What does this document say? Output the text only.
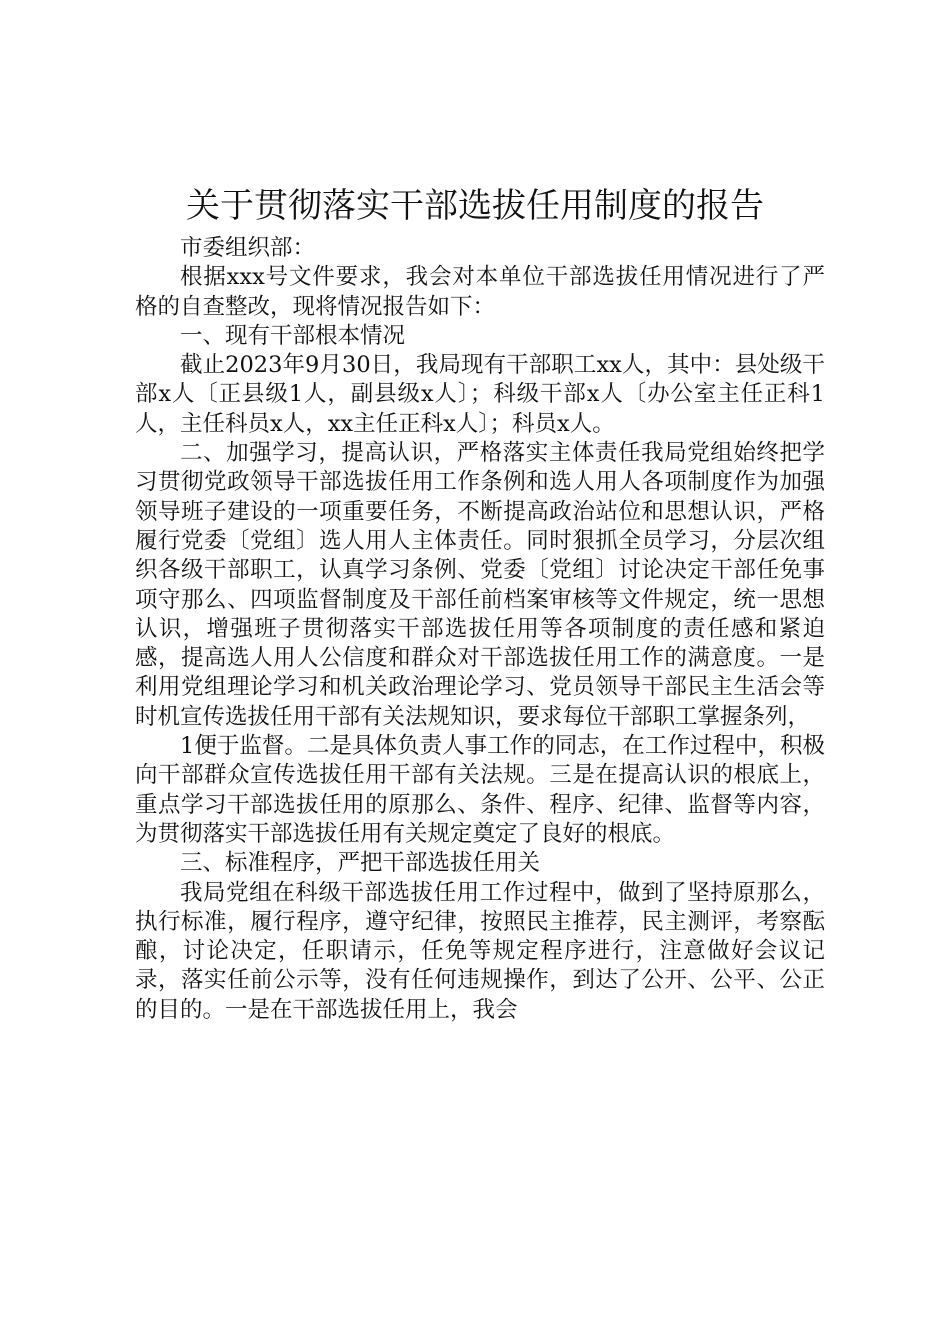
关于贯彻落实干部选拔任用制度的报告

市委组织部：

根据xxx号文件要求，我会对本单位干部选拔任用情况进行了严格的自查整改，现将情况报告如下：

一、现有干部根本情况

截止2023年9月30日，我局现有干部职工xx人，其中：县处级干部x人〔正县级1人，副县级x人〕；科级干部x人〔办公室主任正科1人，主任科员x人，xx主任正科x人〕；科员x人。

二、加强学习，提高认识，严格落实主体责任我局党组始终把学习贯彻党政领导干部选拔任用工作条例和选人用人各项制度作为加强领导班子建设的一项重要任务，不断提高政治站位和思想认识，严格履行党委〔党组〕选人用人主体责任。同时狠抓全员学习，分层次组织各级干部职工，认真学习条例、党委〔党组〕讨论决定干部任免事项守那么、四项监督制度及干部任前档案审核等文件规定，统一思想认识，增强班子贯彻落实干部选拔任用等各项制度的责任感和紧迫感，提高选人用人公信度和群众对干部选拔任用工作的满意度。一是利用党组理论学习和机关政治理论学习、党员领导干部民主生活会等时机宣传选拔任用干部有关法规知识，要求每位干部职工掌握条列，

1便于监督。二是具体负责人事工作的同志，在工作过程中，积极向干部群众宣传选拔任用干部有关法规。三是在提高认识的根底上，重点学习干部选拔任用的原那么、条件、程序、纪律、监督等内容，为贯彻落实干部选拔任用有关规定奠定了良好的根底。

三、标准程序，严把干部选拔任用关

我局党组在科级干部选拔任用工作过程中，做到了坚持原那么，执行标准，履行程序，遵守纪律，按照民主推荐，民主测评，考察酝酿，讨论决定，任职请示，任免等规定程序进行，注意做好会议记录，落实任前公示等，没有任何违规操作，到达了公开、公平、公正的目的。一是在干部选拔任用上，我会
